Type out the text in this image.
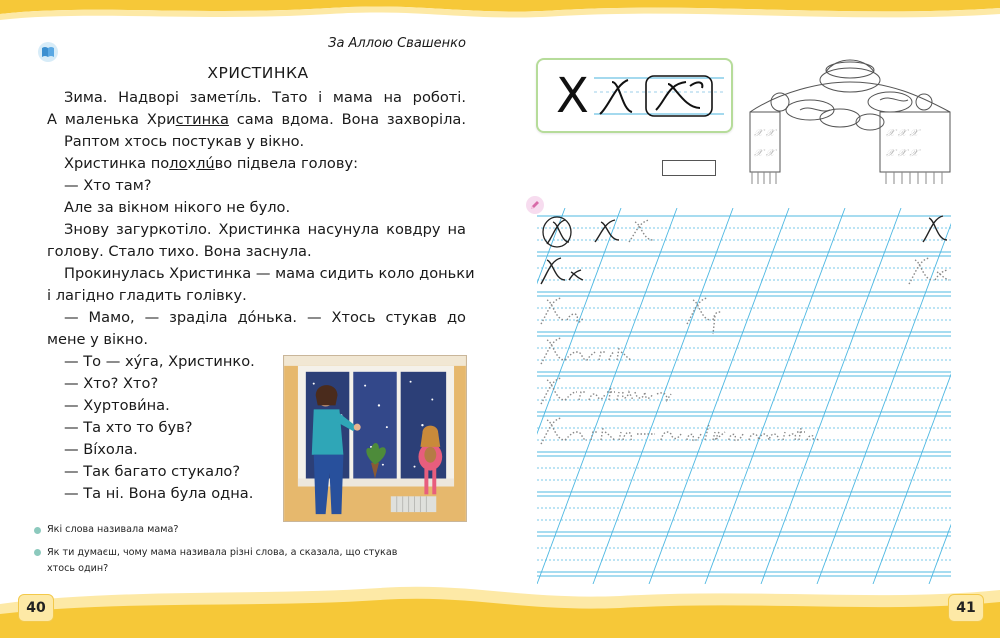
За Аллою Свашенко
ХРИСТИНКА
Зима. Надворі заметі́ль. Тато і мама на роботі.
А маленька Христинка сама вдома. Вона захворіла.
Раптом хтось постукав у вікно.
Христинка полохлúво підвела голову:
— Хто там?
Але за вікном нікого не було.
Знову загуркотіло. Христинка насунула ковдру на
голову. Стало тихо. Вона заснула.
Прокинулась Христинка — мама сидить коло доньки
і лагідно гладить голівку.
— Мамо, — зраділа до́нька. — Хтось стукав до
мене у вікно.
— То — ху́га, Христинко.
— Хто? Хто?
— Хуртови́на.
— Та хто то був?
— Ві́хола.
— Так багато стукало?
— Та ні. Вона була одна.
Які слова називала мама?
Як ти думаєш, чому мама називала різні слова, а сказала, що стукав
хтось один?
40
Х
𝒳 𝒳
𝒳 𝒳
𝒳 𝒳 𝒳
𝒳 𝒳 𝒳
41
